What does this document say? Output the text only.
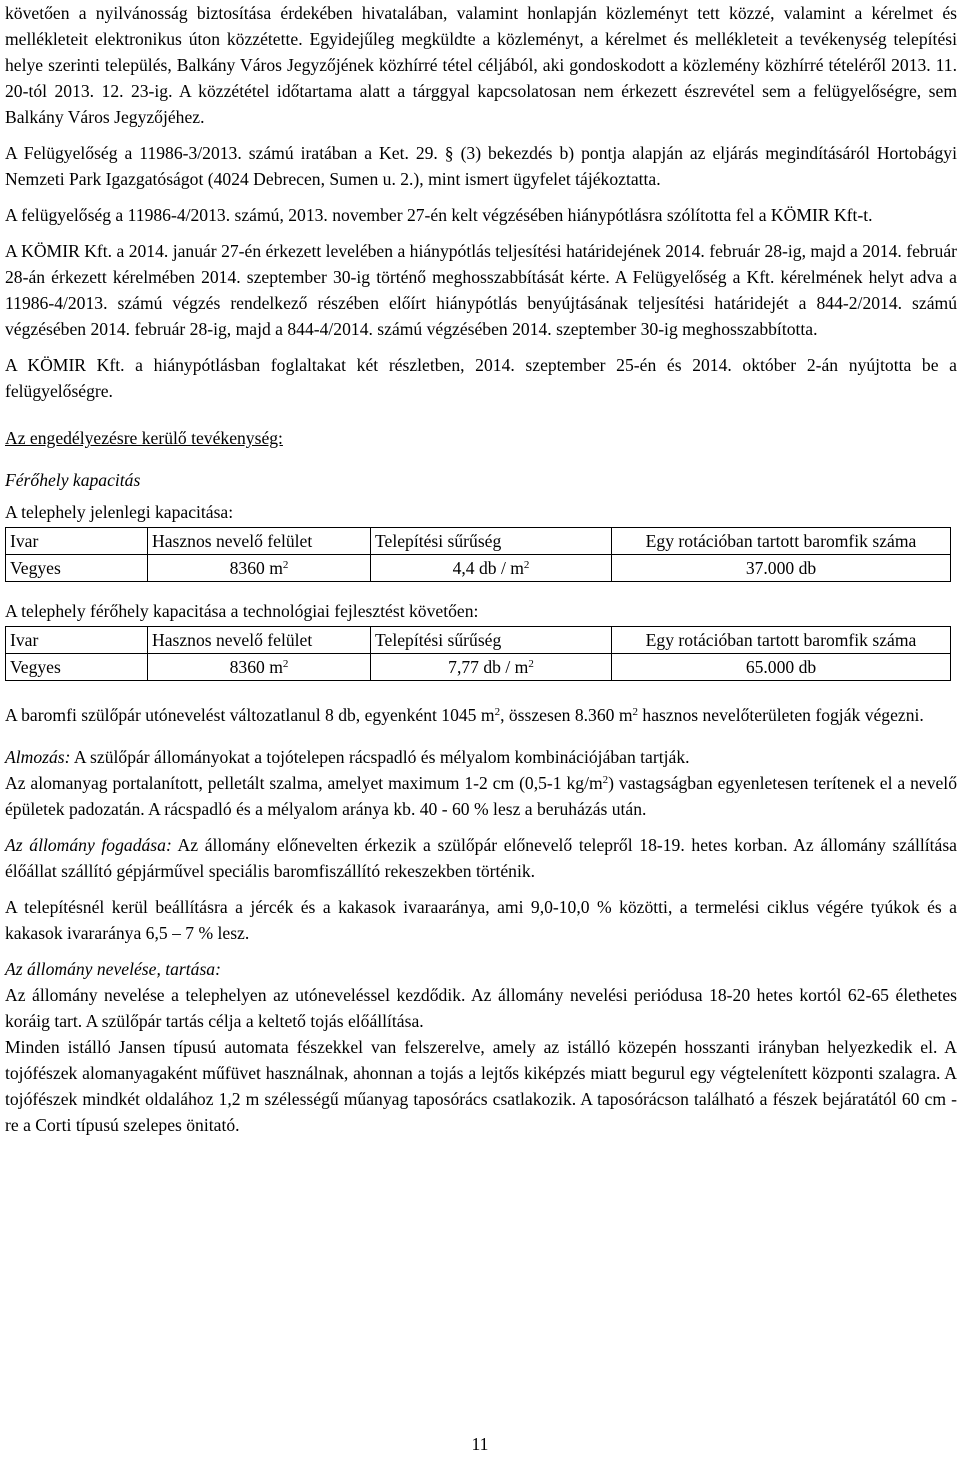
követően a nyilvánosság biztosítása érdekében hivatalában, valamint honlapján közleményt tett közzé, valamint a kérelmet és mellékleteit elektronikus úton közzétette. Egyidejűleg megküldte a közleményt, a kérelmet és mellékleteit a tevékenység telepítési helye szerinti település, Balkány Város Jegyzőjének közhírré tétel céljából, aki gondoskodott a közlemény közhírré tételéről 2013. 11. 20-tól 2013. 12. 23-ig. A közzététel időtartama alatt a tárggyal kapcsolatosan nem érkezett észrevétel sem a felügyelőségre, sem Balkány Város Jegyzőjéhez.

A Felügyelőség a 11986-3/2013. számú iratában a Ket. 29. § (3) bekezdés b) pontja alapján az eljárás megindításáról Hortobágyi Nemzeti Park Igazgatóságot (4024 Debrecen, Sumen u. 2.), mint ismert ügyfelet tájékoztatta.

A felügyelőség a 11986-4/2013. számú, 2013. november 27-én kelt végzésében hiánypótlásra szólította fel a KÖMIR Kft-t.

A KÖMIR Kft. a 2014. január 27-én érkezett levelében a hiánypótlás teljesítési határidejének 2014. február 28-ig, majd a 2014. február 28-án érkezett kérelmében 2014. szeptember 30-ig történő meghosszabbítását kérte. A Felügyelőség a Kft. kérelmének helyt adva a 11986-4/2013. számú végzés rendelkező részében előírt hiánypótlás benyújtásának teljesítési határidejét a 844-2/2014. számú végzésében 2014. február 28-ig, majd a 844-4/2014. számú végzésében 2014. szeptember 30-ig meghosszabbította.

A KÖMIR Kft. a hiánypótlásban foglaltakat két részletben, 2014. szeptember 25-én és 2014. október 2-án nyújtotta be a felügyelőségre.

Az engedélyezésre kerülő tevékenység:

Férőhely kapacitás

A telephely jelenlegi kapacitása:

Ivar	Hasznos nevelő felület	Telepítési sűrűség	Egy rotációban tartott baromfik száma
Vegyes	8360 $m^2$	4,4 db / $m^2$	37.000 db

A telephely férőhely kapacitása a technológiai fejlesztést követően:

Ivar	Hasznos nevelő felület	Telepítési sűrűség	Egy rotációban tartott baromfik száma
Vegyes	8360 $m^2$	7,77 db / $m^2$	65.000 db

A baromfi szülőpár utónevelést változatlanul 8 db, egyenként 1045 $m^2$, összesen 8.360 $m^2$ hasznos nevelőterületen fogják végezni.

Almozás: A szülőpár állományokat a tojótelepen rácspadló és mélyalom kombinációjában tartják.

Az alomanyag portalanított, pelletált szalma, amelyet maximum 1-2 cm (0,5-1 $kg/m^2$) vastagságban egyenletesen terítenek el a nevelő épületek padozatán. A rácspadló és a mélyalom aránya kb. 40 - 60 % lesz a beruházás után.

Az állomány fogadása: Az állomány előnevelten érkezik a szülőpár előnevelő telepről 18-19. hetes korban. Az állomány szállítása élőállat szállító gépjárművel speciális baromfiszállító rekeszekben történik.

A telepítésnél kerül beállításra a jércék és a kakasok ivaraaránya, ami 9,0-10,0 % közötti, a termelési ciklus végére tyúkok és a kakasok ivararánya 6,5 – 7 % lesz.

Az állomány nevelése, tartása:

Az állomány nevelése a telephelyen az utóneveléssel kezdődik. Az állomány nevelési periódusa 18-20 hetes kortól 62-65 élethetes koráig tart. A szülőpár tartás célja a keltető tojás előállítása.

Minden istálló Jansen típusú automata fészekkel van felszerelve, amely az istálló közepén hosszanti irányban helyezkedik el. A tojófészek alomanyagaként műfüvet használnak, ahonnan a tojás a lejtős kiképzés miatt begurul egy végtelenített központi szalagra. A tojófészek mindkét oldalához 1,2 m szélességű műanyag taposórács csatlakozik. A taposórácson található a fészek bejáratától 60 cm -re a Corti típusú szelepes önitató.

11
